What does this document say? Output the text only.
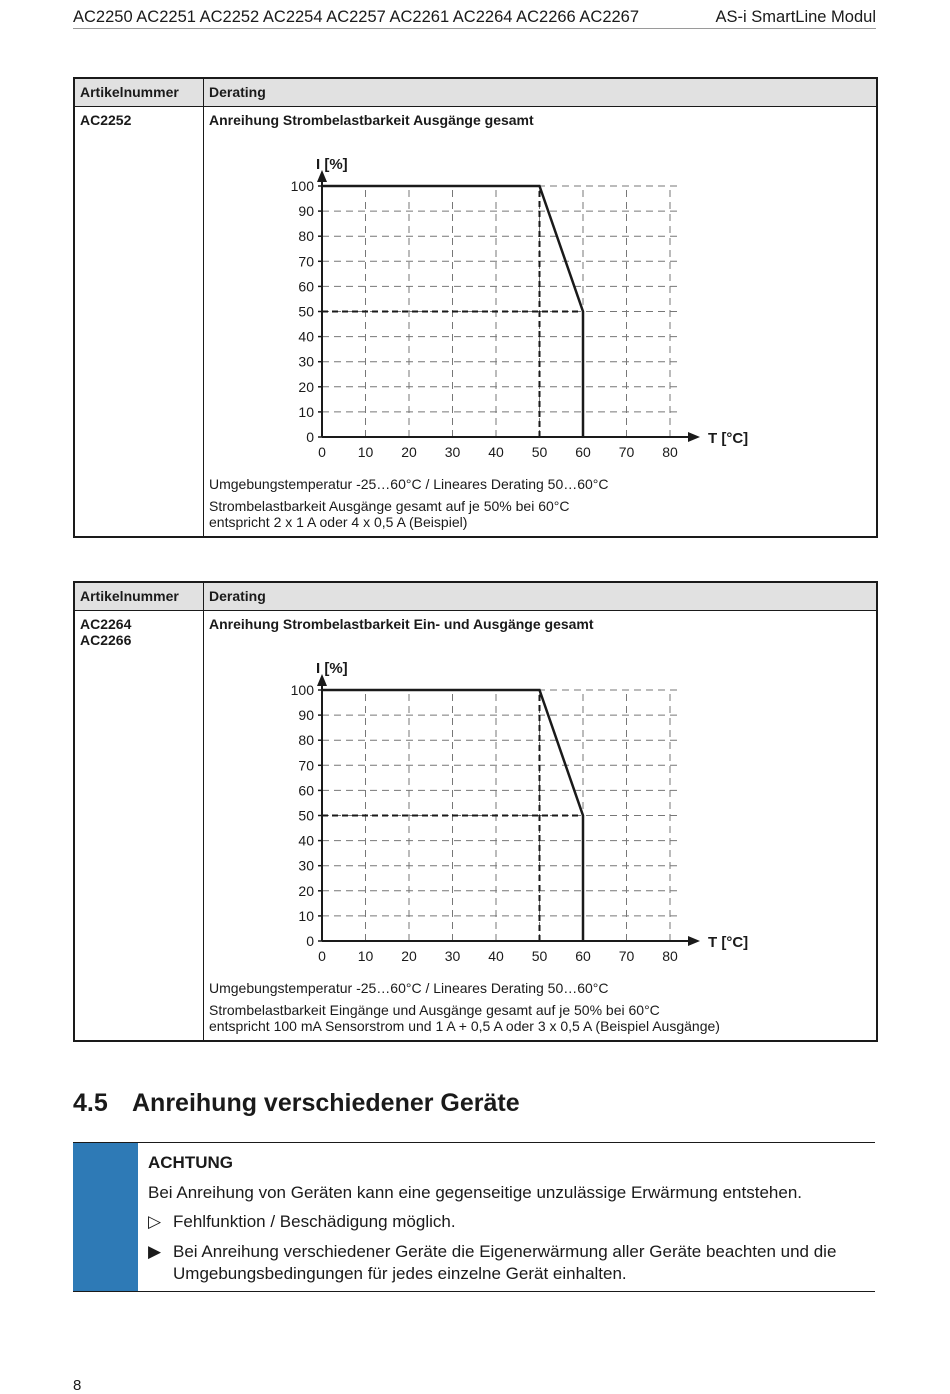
AC2250 AC2251 AC2252 AC2254 AC2257 AC2261 AC2264 AC2266 AC2267	AS-i SmartLine Modul
Artikelnummer Derating
AC2252	Anreihung Strombelastbarkeit Ausgänge gesamt
0
10
20
30
40
50
60
70
80
90
100
0 10 20 30 40 50 60 70 80
I [%]
T [°C]
Umgebungstemperatur -25…60°C / Lineares Derating 50…60°C
Strombelastbarkeit Ausgänge gesamt auf je 50% bei 60°C
entspricht 2 x 1 A oder 4 x 0,5 A (Beispiel)
Artikelnummer Derating
AC2264
AC2266
Anreihung Strombelastbarkeit Ein- und Ausgänge gesamt
0
10
20
30
40
50
60
70
80
90
100
0 10 20 30 40 50 60 70 80
I [%]
T [°C]
Umgebungstemperatur -25…60°C / Lineares Derating 50…60°C
Strombelastbarkeit Eingänge und Ausgänge gesamt auf je 50% bei 60°C
entspricht 100 mA Sensorstrom und 1 A + 0,5 A oder 3 x 0,5 A (Beispiel Ausgänge)
4.5 Anreihung verschiedener Geräte
ACHTUNG
Bei Anreihung von Geräten kann eine gegenseitige unzulässige Erwärmung entstehen.
▷ Fehlfunktion / Beschädigung möglich.
▶ Bei Anreihung verschiedener Geräte die Eigenerwärmung aller Geräte beachten und die Umgebungsbedingungen für jedes einzelne Gerät einhalten.
8
